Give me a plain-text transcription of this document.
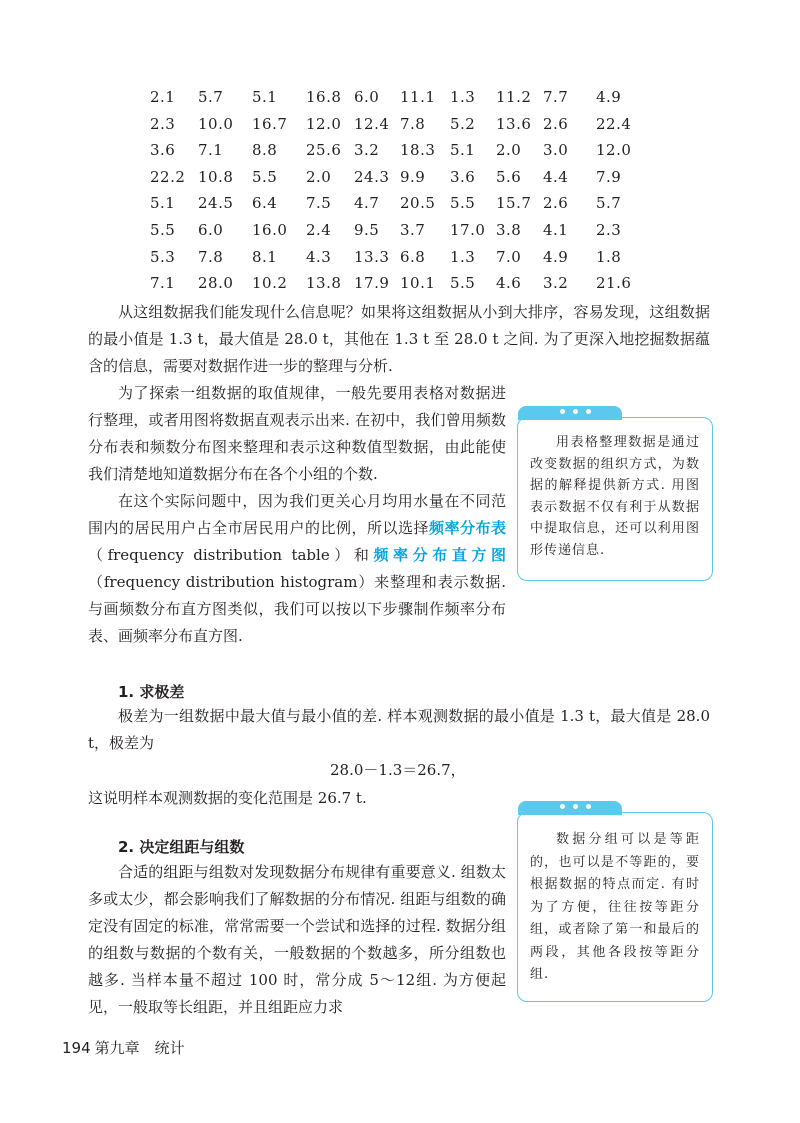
2.1 5.7 5.1 16.8 6.0 11.1 1.3 11.2 7.7 4.9
2.3 10.0 16.7 12.0 12.4 7.8 5.2 13.6 2.6 22.4
3.6 7.1 8.8 25.6 3.2 18.3 5.1 2.0 3.0 12.0
22.2 10.8 5.5 2.0 24.3 9.9 3.6 5.6 4.4 7.9
5.1 24.5 6.4 7.5 4.7 20.5 5.5 15.7 2.6 5.7
5.5 6.0 16.0 2.4 9.5 3.7 17.0 3.8 4.1 2.3
5.3 7.8 8.1 4.3 13.3 6.8 1.3 7.0 4.9 1.8
7.1 28.0 10.2 13.8 17.9 10.1 5.5 4.6 3.2 21.6

从这组数据我们能发现什么信息呢？如果将这组数据从小到大排序，容易发现，这组数据的最小值是 1.3 t，最大值是 28.0 t，其他在 1.3 t 至 28.0 t 之间. 为了更深入地挖掘数据蕴含的信息，需要对数据作进一步的整理与分析.

为了探索一组数据的取值规律，一般先要用表格对数据进行整理，或者用图将数据直观表示出来. 在初中，我们曾用频数分布表和频数分布图来整理和表示这种数值型数据，由此能使我们清楚地知道数据分布在各个小组的个数.

在这个实际问题中，因为我们更关心月均用水量在不同范围内的居民用户占全市居民用户的比例，所以选择频率分布表（frequency distribution table）和频率分布直方图（frequency distribution histogram）来整理和表示数据. 与画频数分布直方图类似，我们可以按以下步骤制作频率分布表、画频率分布直方图.

用表格整理数据是通过改变数据的组织方式，为数据的解释提供新方式. 用图表示数据不仅有利于从数据中提取信息，还可以利用图形传递信息.

1. 求极差

极差为一组数据中最大值与最小值的差. 样本观测数据的最小值是 1.3 t，最大值是 28.0 t，极差为

28.0－1.3＝26.7，

这说明样本观测数据的变化范围是 26.7 t.

2. 决定组距与组数

合适的组距与组数对发现数据分布规律有重要意义. 组数太多或太少，都会影响我们了解数据的分布情况. 组距与组数的确定没有固定的标准，常常需要一个尝试和选择的过程. 数据分组的组数与数据的个数有关，一般数据的个数越多，所分组数也越多. 当样本量不超过 100 时，常分成 5～12组. 为方便起见，一般取等长组距，并且组距应力求

数据分组可以是等距的，也可以是不等距的，要根据数据的特点而定. 有时为了方便，往往按等距分组，或者除了第一和最后的两段，其他各段按等距分组.

194 第九章　统计
